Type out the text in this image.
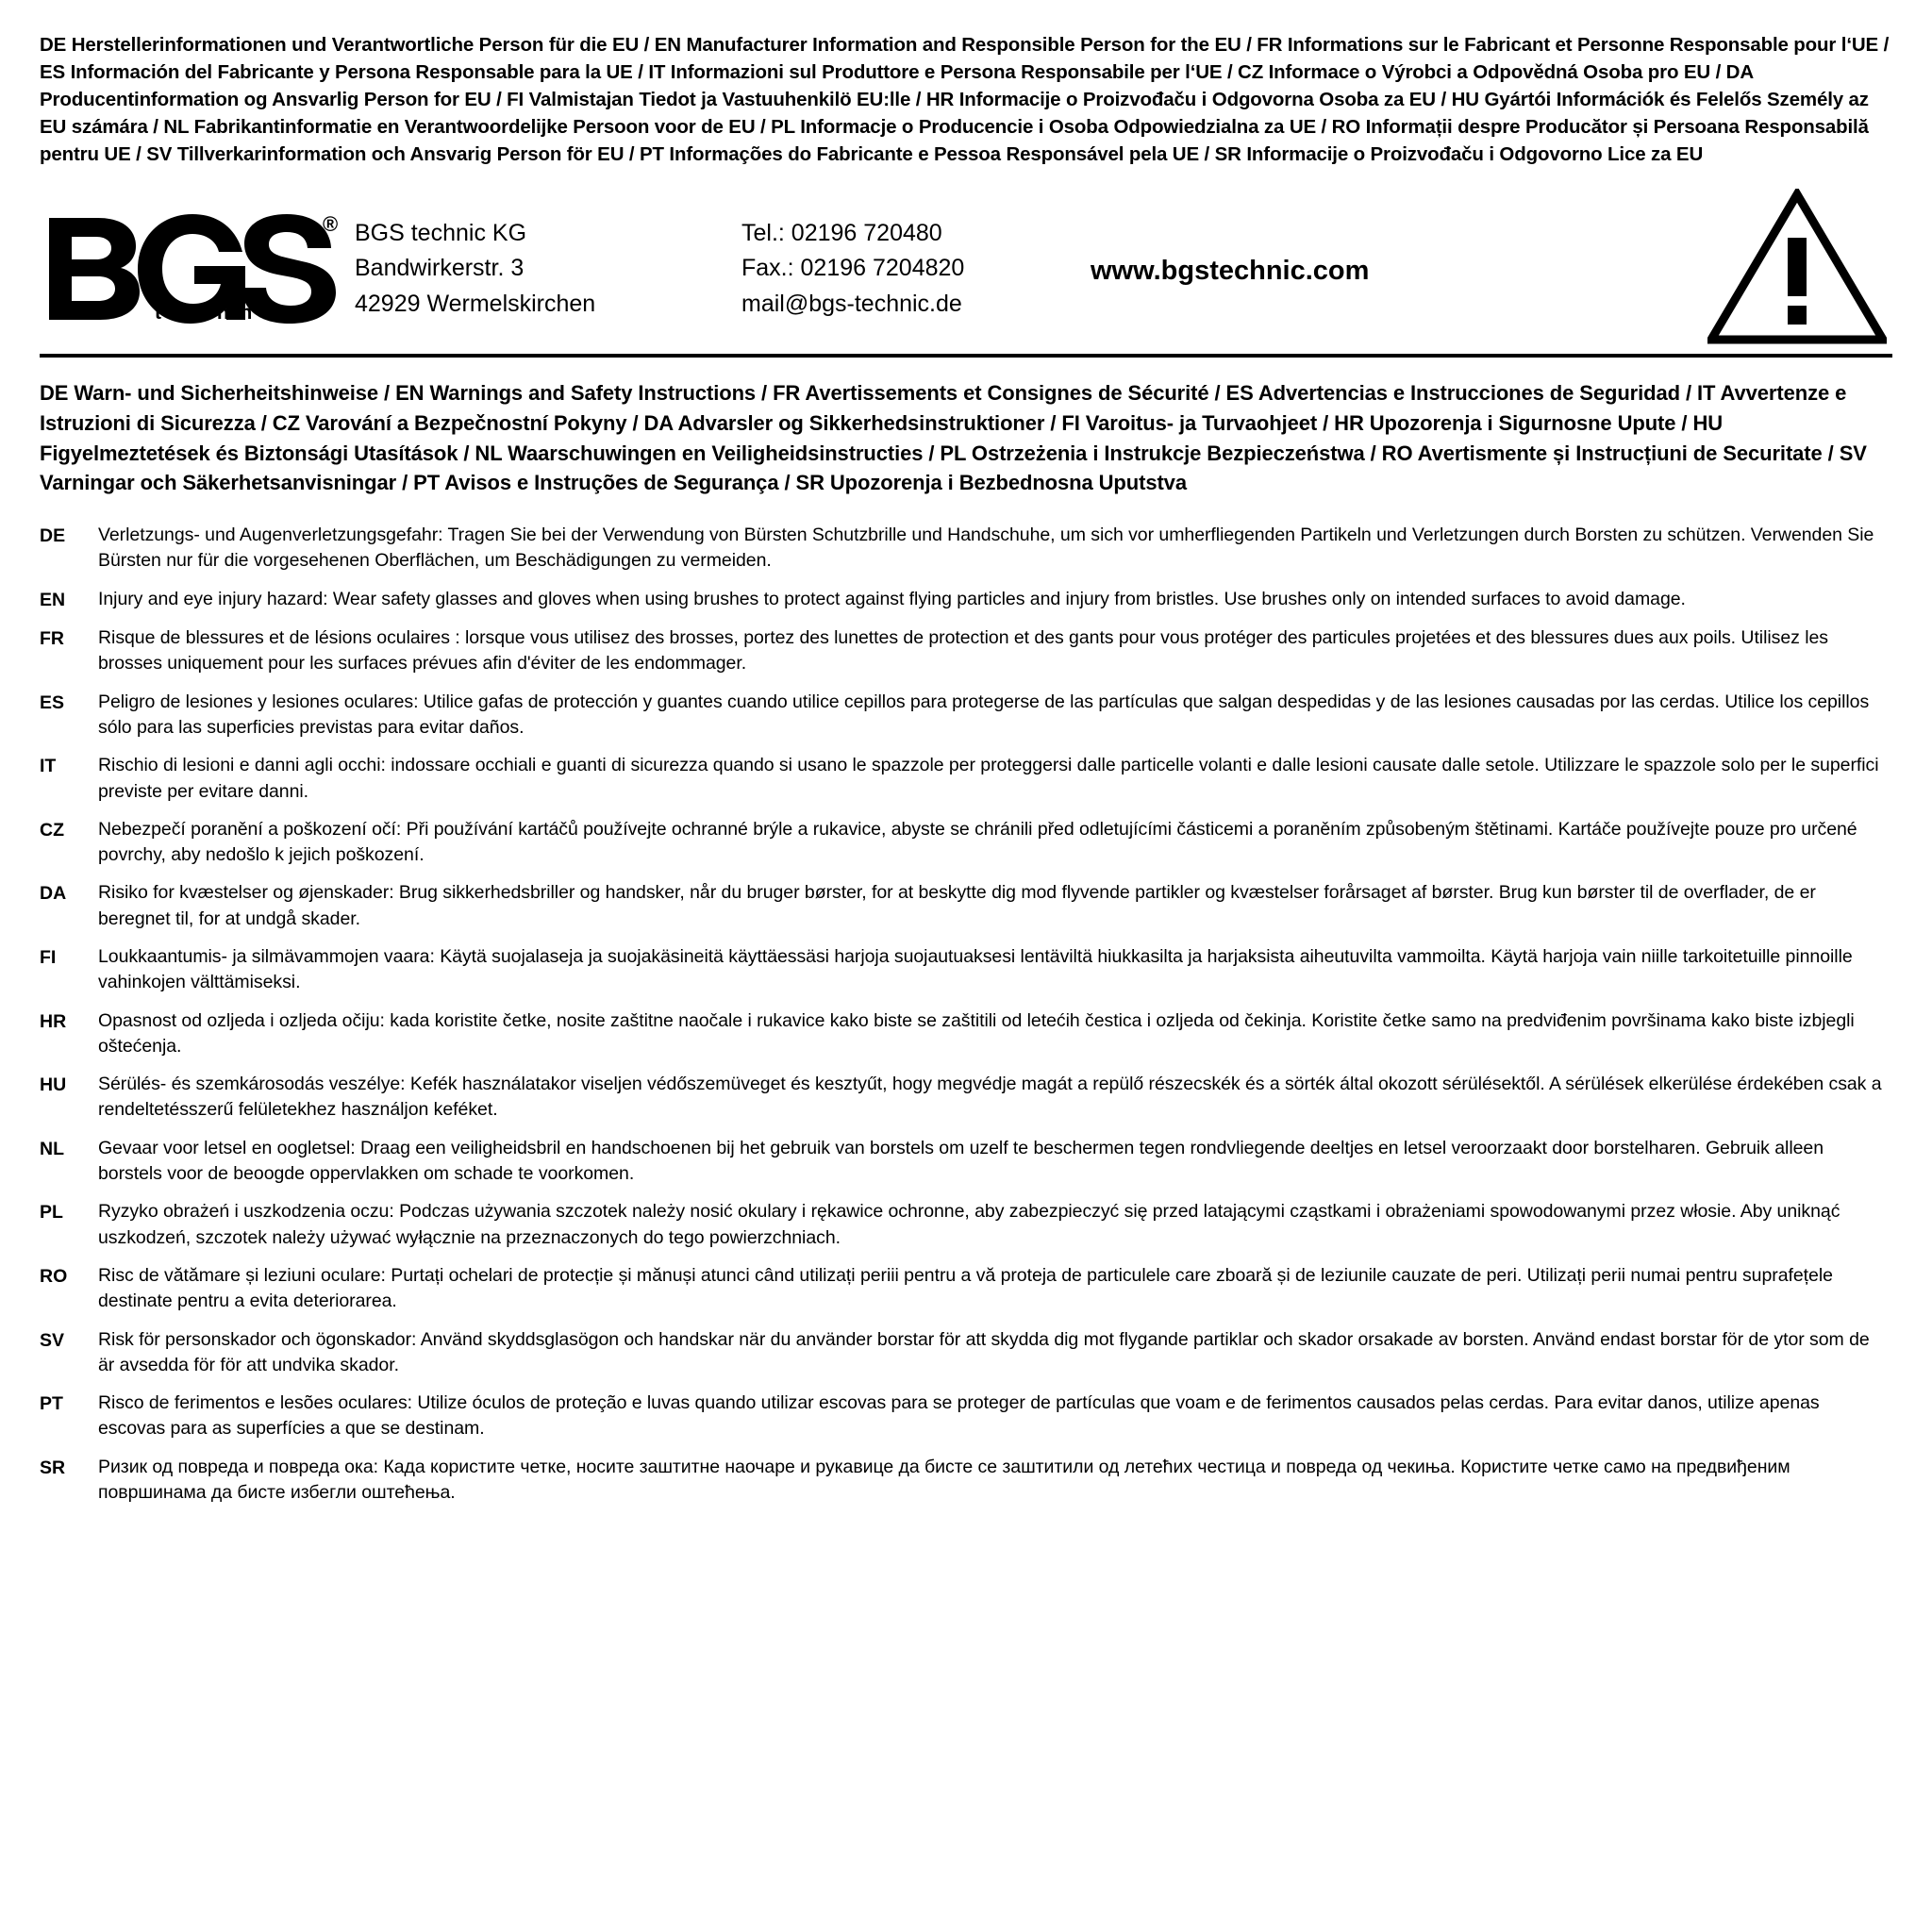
DE Herstellerinformationen und Verantwortliche Person für die EU / EN Manufacturer Information and Responsible Person for the EU / FR Informations sur le Fabricant et Personne Responsable pour l‘UE / ES Información del Fabricante y Persona Responsable para la UE / IT Informazioni sul Produttore e Persona Responsabile per l‘UE / CZ Informace o Výrobci a Odpovědná Osoba pro EU / DA Producentinformation og Ansvarlig Person for EU / FI Valmistajan Tiedot ja Vastuuhenkilö EU:lle / HR Informacije o Proizvođaču i Odgovorna Osoba za EU / HU Gyártói Információk és Felelős Személy az EU számára / NL Fabrikantinformatie en Verantwoordelijke Persoon voor de EU / PL Informacje o Producencie i Osoba Odpowiedzialna za UE / RO Informații despre Producător și Persoana Responsabilă pentru UE / SV Tillverkarinformation och Ansvarig Person för EU / PT Informações do Fabricante e Pessoa Responsável pela UE / SR Informacije o Proizvođaču i Odgovorno Lice za EU
®
t e c h n i c
BGS technic KG
Bandwirkerstr. 3
42929 Wermelskirchen
Tel.: 02196 720480
Fax.: 02196 7204820
mail@bgs-technic.de
www.bgstechnic.com
DE Warn- und Sicherheitshinweise / EN Warnings and Safety Instructions / FR Avertissements et Consignes de Sécurité / ES Advertencias e Instrucciones de Seguridad / IT Avvertenze e Istruzioni di Sicurezza / CZ Varování a Bezpečnostní Pokyny / DA Advarsler og Sikkerhedsinstruktioner / FI Varoitus- ja Turvaohjeet / HR Upozorenja i Sigurnosne Upute / HU Figyelmeztetések és Biztonsági Utasítások / NL Waarschuwingen en Veiligheidsinstructies / PL Ostrzeżenia i Instrukcje Bezpieczeństwa / RO Avertismente și Instrucțiuni de Securitate / SV Varningar och Säkerhetsanvisningar / PT Avisos e Instruções de Segurança / SR Upozorenja i Bezbednosna Uputstva
DE	Verletzungs- und Augenverletzungsgefahr: Tragen Sie bei der Verwendung von Bürsten Schutzbrille und Handschuhe, um sich vor umherfliegenden Partikeln und Verletzungen durch Borsten zu schützen. Verwenden Sie Bürsten nur für die vorgesehenen Oberflächen, um Beschädigungen zu vermeiden.
EN	Injury and eye injury hazard: Wear safety glasses and gloves when using brushes to protect against flying particles and injury from bristles. Use brushes only on intended surfaces to avoid damage.
FR	Risque de blessures et de lésions oculaires : lorsque vous utilisez des brosses, portez des lunettes de protection et des gants pour vous protéger des particules projetées et des blessures dues aux poils. Utilisez les brosses uniquement pour les surfaces prévues afin d'éviter de les endommager.
ES	Peligro de lesiones y lesiones oculares: Utilice gafas de protección y guantes cuando utilice cepillos para protegerse de las partículas que salgan despedidas y de las lesiones causadas por las cerdas. Utilice los cepillos sólo para las superficies previstas para evitar daños.
IT	Rischio di lesioni e danni agli occhi: indossare occhiali e guanti di sicurezza quando si usano le spazzole per proteggersi dalle particelle volanti e dalle lesioni causate dalle setole. Utilizzare le spazzole solo per le superfici previste per evitare danni.
CZ	Nebezpečí poranění a poškození očí: Při používání kartáčů používejte ochranné brýle a rukavice, abyste se chránili před odletujícími částicemi a poraněním způsobeným štětinami. Kartáče používejte pouze pro určené povrchy, aby nedošlo k jejich poškození.
DA	Risiko for kvæstelser og øjenskader: Brug sikkerhedsbriller og handsker, når du bruger børster, for at beskytte dig mod flyvende partikler og kvæstelser forårsaget af børster. Brug kun børster til de overflader, de er beregnet til, for at undgå skader.
FI	Loukkaantumis- ja silmävammojen vaara: Käytä suojalaseja ja suojakäsineitä käyttäessäsi harjoja suojautuaksesi lentäviltä hiukkasilta ja harjaksista aiheutuvilta vammoilta. Käytä harjoja vain niille tarkoitetuille pinnoille vahinkojen välttämiseksi.
HR	Opasnost od ozljeda i ozljeda očiju: kada koristite četke, nosite zaštitne naočale i rukavice kako biste se zaštitili od letećih čestica i ozljeda od čekinja. Koristite četke samo na predviđenim površinama kako biste izbjegli oštećenja.
HU	Sérülés- és szemkárosodás veszélye: Kefék használatakor viseljen védőszemüveget és kesztyűt, hogy megvédje magát a repülő részecskék és a sörték által okozott sérülésektől. A sérülések elkerülése érdekében csak a rendeltetésszerű felületekhez használjon keféket.
NL	Gevaar voor letsel en oogletsel: Draag een veiligheidsbril en handschoenen bij het gebruik van borstels om uzelf te beschermen tegen rondvliegende deeltjes en letsel veroorzaakt door borstelharen. Gebruik alleen borstels voor de beoogde oppervlakken om schade te voorkomen.
PL	Ryzyko obrażeń i uszkodzenia oczu: Podczas używania szczotek należy nosić okulary i rękawice ochronne, aby zabezpieczyć się przed latającymi cząstkami i obrażeniami spowodowanymi przez włosie. Aby uniknąć uszkodzeń, szczotek należy używać wyłącznie na przeznaczonych do tego powierzchniach.
RO	Risc de vătămare și leziuni oculare: Purtați ochelari de protecție și mănuși atunci când utilizați periii pentru a vă proteja de particulele care zboară și de leziunile cauzate de peri. Utilizați perii numai pentru suprafețele destinate pentru a evita deteriorarea.
SV	Risk för personskador och ögonskador: Använd skyddsglasögon och handskar när du använder borstar för att skydda dig mot flygande partiklar och skador orsakade av borsten. Använd endast borstar för de ytor som de är avsedda för för att undvika skador.
PT	Risco de ferimentos e lesões oculares: Utilize óculos de proteção e luvas quando utilizar escovas para se proteger de partículas que voam e de ferimentos causados pelas cerdas. Para evitar danos, utilize apenas escovas para as superfícies a que se destinam.
SR	Ризик од повреда и повреда ока: Када користите четке, носите заштитне наочаре и рукавице да бисте се заштитили од летећих честица и повреда од чекиња. Користите четке само на предвиђеним површинама да бисте избегли оштећења.
